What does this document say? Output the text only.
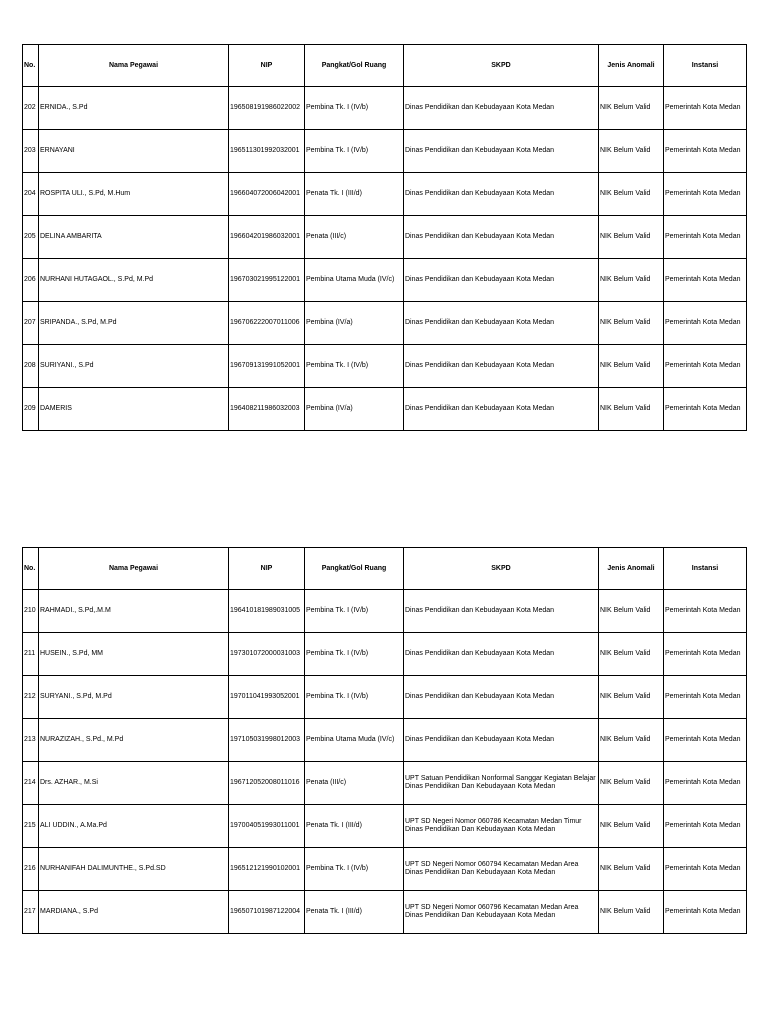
No.	Nama Pegawai	NIP	Pangkat/Gol Ruang	SKPD	Jenis Anomali	Instansi
202	ERNIDA., S.Pd	196508191986022002	Pembina Tk. I (IV/b)	Dinas Pendidikan dan Kebudayaan Kota Medan	NIK Belum Valid	Pemerintah Kota Medan
203	ERNAYANI	196511301992032001	Pembina Tk. I (IV/b)	Dinas Pendidikan dan Kebudayaan Kota Medan	NIK Belum Valid	Pemerintah Kota Medan
204	ROSPITA ULI., S.Pd, M.Hum	196604072006042001	Penata Tk. I (III/d)	Dinas Pendidikan dan Kebudayaan Kota Medan	NIK Belum Valid	Pemerintah Kota Medan
205	DELINA AMBARITA	196604201986032001	Penata (III/c)	Dinas Pendidikan dan Kebudayaan Kota Medan	NIK Belum Valid	Pemerintah Kota Medan
206	NURHANI HUTAGAOL., S.Pd, M.Pd	196703021995122001	Pembina Utama Muda (IV/c)	Dinas Pendidikan dan Kebudayaan Kota Medan	NIK Belum Valid	Pemerintah Kota Medan
207	SRIPANDA., S.Pd, M.Pd	196706222007011006	Pembina (IV/a)	Dinas Pendidikan dan Kebudayaan Kota Medan	NIK Belum Valid	Pemerintah Kota Medan
208	SURIYANI., S.Pd	196709131991052001	Pembina Tk. I (IV/b)	Dinas Pendidikan dan Kebudayaan Kota Medan	NIK Belum Valid	Pemerintah Kota Medan
209	DAMERIS	196408211986032003	Pembina (IV/a)	Dinas Pendidikan dan Kebudayaan Kota Medan	NIK Belum Valid	Pemerintah Kota Medan
No.	Nama Pegawai	NIP	Pangkat/Gol Ruang	SKPD	Jenis Anomali	Instansi
210	RAHMADI., S.Pd,.M.M	196410181989031005	Pembina Tk. I (IV/b)	Dinas Pendidikan dan Kebudayaan Kota Medan	NIK Belum Valid	Pemerintah Kota Medan
211	HUSEIN., S.Pd, MM	197301072000031003	Pembina Tk. I (IV/b)	Dinas Pendidikan dan Kebudayaan Kota Medan	NIK Belum Valid	Pemerintah Kota Medan
212	SURYANI., S.Pd, M.Pd	197011041993052001	Pembina Tk. I (IV/b)	Dinas Pendidikan dan Kebudayaan Kota Medan	NIK Belum Valid	Pemerintah Kota Medan
213	NURAZIZAH., S.Pd., M.Pd	197105031998012003	Pembina Utama Muda (IV/c)	Dinas Pendidikan dan Kebudayaan Kota Medan	NIK Belum Valid	Pemerintah Kota Medan
214	Drs. AZHAR., M.Si	196712052008011016	Penata (III/c)	UPT Satuan Pendidikan Nonformal Sanggar Kegiatan Belajar Dinas Pendidikan Dan Kebudayaan Kota Medan	NIK Belum Valid	Pemerintah Kota Medan
215	ALI UDDIN., A.Ma.Pd	197004051993011001	Penata Tk. I (III/d)	UPT SD Negeri Nomor 060786 Kecamatan Medan Timur Dinas Pendidikan Dan Kebudayaan Kota Medan	NIK Belum Valid	Pemerintah Kota Medan
216	NURHANIFAH DALIMUNTHE., S.Pd.SD	196512121990102001	Pembina Tk. I (IV/b)	UPT SD Negeri Nomor 060794 Kecamatan Medan Area Dinas Pendidikan Dan Kebudayaan Kota Medan	NIK Belum Valid	Pemerintah Kota Medan
217	MARDIANA., S.Pd	196507101987122004	Penata Tk. I (III/d)	UPT SD Negeri Nomor 060796 Kecamatan Medan Area Dinas Pendidikan Dan Kebudayaan Kota Medan	NIK Belum Valid	Pemerintah Kota Medan
